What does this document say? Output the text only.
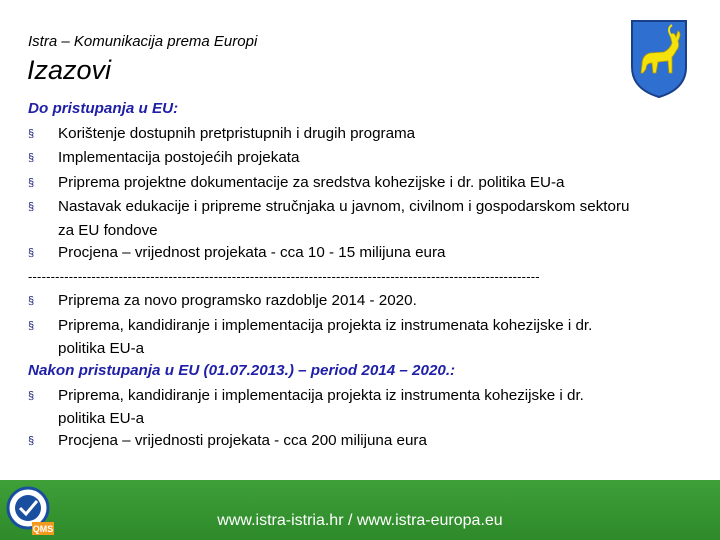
Istra – Komunikacija prema Europi
Izazovi
Do pristupanja u EU:
§ Korištenje dostupnih pretpristupnih i drugih programa
§ Implementacija postojećih projekata
§ Priprema projektne dokumentacije za sredstva kohezijske i dr. politika EU-a
§ Nastavak edukacije i pripreme stručnjaka u javnom, civilnom i gospodarskom sektoru
za EU fondove
§ Procjena – vrijednost projekata - cca 10 - 15 milijuna eura
-----------------------------------------------------------------------------------------------------------------
§ Priprema za novo programsko razdoblje 2014 - 2020.
§ Priprema, kandidiranje i implementacija projekta iz instrumenata kohezijske i dr.
politika EU-a
Nakon pristupanja u EU (01.07.2013.) – period 2014 – 2020.:
§ Priprema, kandidiranje i implementacija projekta iz instrumenta kohezijske i dr.
politika EU-a
§ Procjena – vrijednosti projekata - cca 200 milijuna eura
QMS	www.istra-istria.hr / www.istra-europa.eu
